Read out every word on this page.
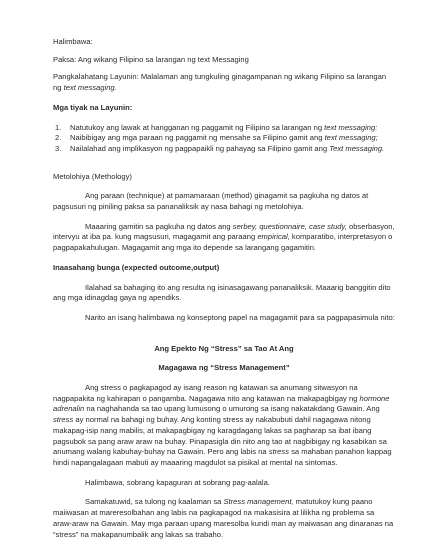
Halimbawa:

Paksa: Ang wikang Filipino sa larangan ng text Messaging

Pangkalahatang Layunin: Malalaman ang tungkuling ginagampanan ng wikang Filipino sa larangan ng text messaging.

Mga tiyak na Layunin:

1.	Natutukoy ang lawak at hangganan ng paggamit ng Filipino sa larangan ng text messaging:
2.	Naibibigay ang mga paraan ng paggamit ng mensahe sa Filipino gamit ang text messaging;
3.	Nailalahad ang implikasyon ng pagpapaikli ng pahayag sa Filipino gamit ang Text messaging.

Metolohiya (Methology)

Ang paraan (technique) at pamamaraan (method) ginagamit sa pagkuha ng datos at pagsusuri ng piniling paksa sa pananaliksik ay nasa bahagi ng metolohiya.

Maaaring gamitin sa pagkuha ng datos ang serbey, questionnaire, case study, obserbasyon, intervyu at iba pa. kung magsusuri, magagamit ang paraang empirical, komparatibo, interpretasyon o pagpapakahulugan. Magagamit ang mga ito depende sa larangang gagamitin.

Inaasahang bunga (expected outcome,output)

Ilalahad sa bahaging ito ang resulta ng isinasagawang pananaliksik. Maaarig banggitin dito ang mga idinagdag gaya ng apendiks.

Narito an isang halimbawa ng konseptong papel na magagamit para sa pagpapasimula nito:

Ang Epekto Ng “Stress” sa Tao At Ang

Magagawa ng “Stress Management”

Ang stress o pagkapagod ay isang reason ng katawan sa anumang sitwasyon na nagpapakita ng kahirapan o pangamba. Nagagawa nito ang katawan na makapagbigay ng hormone adrenalin na naghahanda sa tao upang lumusong o umurong sa isang nakatakdang Gawain. Ang stress ay normal na bahagi ng buhay. Ang konting stress ay nakabubuti dahil nagagawa nitong makapag-isip nang mabilis, at makapagbigay ng karagdagang lakas sa pagharap sa ibat ibang pagsubok sa pang araw araw na buhay. Pinapasigla din nito ang tao at nagbibigay ng kasabikan sa anumang walang kabuhay-buhay na Gawain. Pero ang labis na stress sa mahaban panahon kappag hindi napangalagaan mabuti ay maaaring magdulot sa pisikal at mental na sintomas.

Halimbawa, sobrang kapaguran at sobrang pag-aalala.

Samakatuwid, sa tulong ng kaalaman sa Stress management, matutukoy kung paano maiiwasan at mareresolbahan ang labis na pagkapagod na makasisira at lilikha ng problema sa araw-araw na Gawain. May mga paraan upang maresolba kundi man ay maiwasan ang dinaranas na “stress” na makapanumbalik ang lakas sa trabaho.
